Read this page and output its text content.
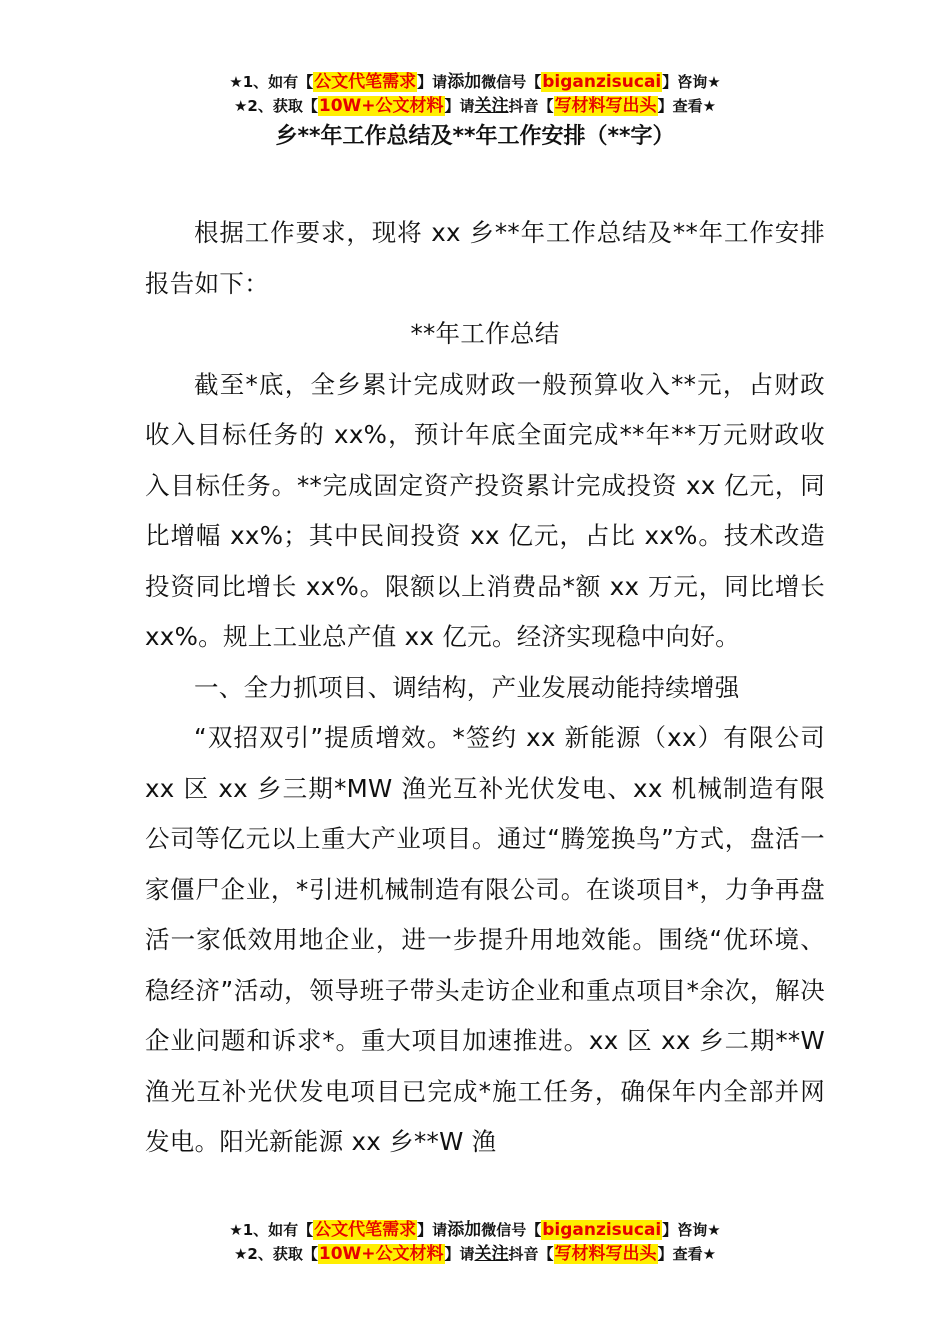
★1、如有【公文代笔需求】请添加微信号【biganzisucai】咨询★
★2、获取【10W+公文材料】请关注抖音【写材料写出头】查看★
乡**年工作总结及**年工作安排（**字）

根据工作要求，现将 xx 乡**年工作总结及**年工作安排报告如下：

**年工作总结

截至*底，全乡累计完成财政一般预算收入**元，占财政收入目标任务的 xx%，预计年底全面完成**年**万元财政收入目标任务。**完成固定资产投资累计完成投资 xx 亿元，同比增幅 xx%；其中民间投资 xx 亿元，占比 xx%。技术改造投资同比增长 xx%。限额以上消费品*额 xx 万元，同比增长 xx%。规上工业总产值 xx 亿元。经济实现稳中向好。

一、全力抓项目、调结构，产业发展动能持续增强

“双招双引”提质增效。*签约 xx 新能源（xx）有限公司 xx 区 xx 乡三期*MW 渔光互补光伏发电、xx 机械制造有限公司等亿元以上重大产业项目。通过“腾笼换鸟”方式，盘活一家僵尸企业，*引进机械制造有限公司。在谈项目*，力争再盘活一家低效用地企业，进一步提升用地效能。围绕“优环境、稳经济”活动，领导班子带头走访企业和重点项目*余次，解决企业问题和诉求*。重大项目加速推进。xx 区 xx 乡二期**W 渔光互补光伏发电项目已完成*施工任务，确保年内全部并网发电。阳光新能源 xx 乡**W 渔

★1、如有【公文代笔需求】请添加微信号【biganzisucai】咨询★
★2、获取【10W+公文材料】请关注抖音【写材料写出头】查看★
